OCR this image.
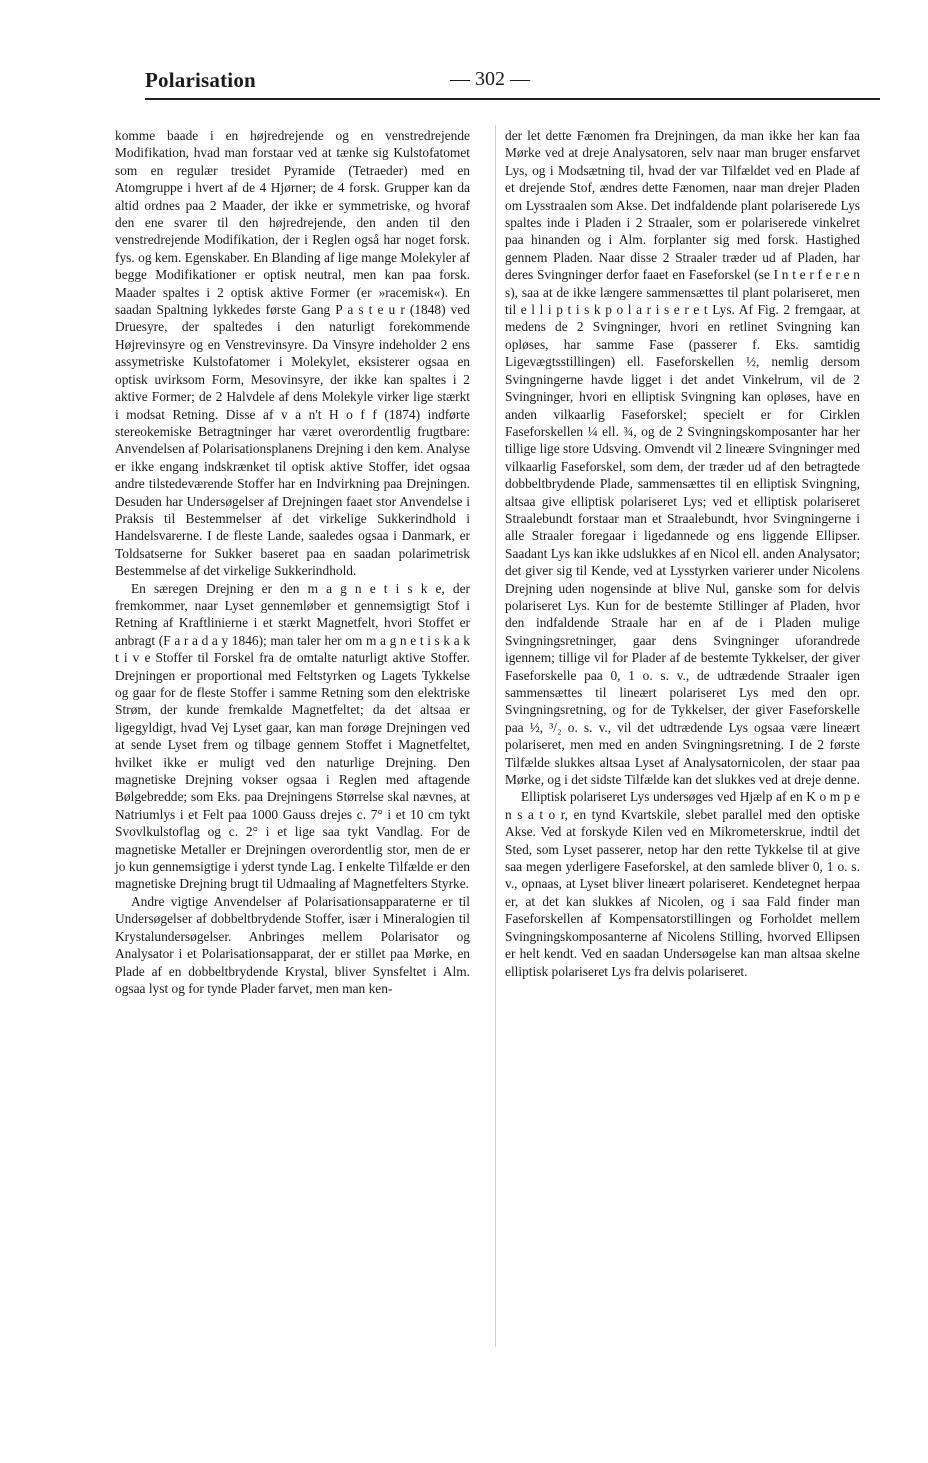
Polarisation	— 302 —

komme baade i en højredrejende og en venstredrejende Modifikation, hvad man forstaar ved at tænke sig Kulstofatomet som en regulær tresidet Pyramide (Tetraeder) med en Atomgruppe i hvert af de 4 Hjørner; de 4 forsk. Grupper kan da altid ordnes paa 2 Maader, der ikke er symmetriske, og hvoraf den ene svarer til den højredrejende, den anden til den venstredrejende Modifikation, der i Reglen også har noget forsk. fys. og kem. Egenskaber. En Blanding af lige mange Molekyler af begge Modifikationer er optisk neutral, men kan paa forsk. Maader spaltes i 2 optisk aktive Former (er »racemisk«). En saadan Spaltning lykkedes første Gang P a s t e u r (1848) ved Druesyre, der spaltedes i den naturligt forekommende Højrevinsyre og en Venstrevinsyre. Da Vinsyre indeholder 2 ens assymetriske Kulstofatomer i Molekylet, eksisterer ogsaa en optisk uvirksom Form, Mesovinsyre, der ikke kan spaltes i 2 aktive Former; de 2 Halvdele af dens Molekyle virker lige stærkt i modsat Retning. Disse af v a n't H o f f (1874) indførte stereokemiske Betragtninger har været overordentlig frugtbare: Anvendelsen af Polarisationsplanens Drejning i den kem. Analyse er ikke engang indskrænket til optisk aktive Stoffer, idet ogsaa andre tilstedeværende Stoffer har en Indvirkning paa Drejningen. Desuden har Undersøgelser af Drejningen faaet stor Anvendelse i Praksis til Bestemmelser af det virkelige Sukkerindhold i Handelsvarerne. I de fleste Lande, saaledes ogsaa i Danmark, er Toldsatserne for Sukker baseret paa en saadan polarimetrisk Bestemmelse af det virkelige Sukkerindhold.

En særegen Drejning er den m a g n e t i s k e, der fremkommer, naar Lyset gennemløber et gennemsigtigt Stof i Retning af Kraftlinierne i et stærkt Magnetfelt, hvori Stoffet er anbragt (F a r a d a y 1846); man taler her om m a g n e t i s k a k t i v e Stoffer til Forskel fra de omtalte naturligt aktive Stoffer. Drejningen er proportional med Feltstyrken og Lagets Tykkelse og gaar for de fleste Stoffer i samme Retning som den elektriske Strøm, der kunde fremkalde Magnetfeltet; da det altsaa er ligegyldigt, hvad Vej Lyset gaar, kan man forøge Drejningen ved at sende Lyset frem og tilbage gennem Stoffet i Magnetfeltet, hvilket ikke er muligt ved den naturlige Drejning. Den magnetiske Drejning vokser ogsaa i Reglen med aftagende Bølgebredde; som Eks. paa Drejningens Størrelse skal nævnes, at Natriumlys i et Felt paa 1000 Gauss drejes c. 7° i et 10 cm tykt Svovlkulstoflag og c. 2° i et lige saa tykt Vandlag. For de magnetiske Metaller er Drejningen overordentlig stor, men de er jo kun gennemsigtige i yderst tynde Lag. I enkelte Tilfælde er den magnetiske Drejning brugt til Udmaaling af Magnetfelters Styrke.

Andre vigtige Anvendelser af Polarisationsapparaterne er til Undersøgelser af dobbeltbrydende Stoffer, især i Mineralogien til Krystalundersøgelser. Anbringes mellem Polarisator og Analysator i et Polarisationsapparat, der er stillet paa Mørke, en Plade af en dobbeltbrydende Krystal, bliver Synsfeltet i Alm. ogsaa lyst og for tynde Plader farvet, men man ken-

der let dette Fænomen fra Drejningen, da man ikke her kan faa Mørke ved at dreje Analysatoren, selv naar man bruger ensfarvet Lys, og i Modsætning til, hvad der var Tilfældet ved en Plade af et drejende Stof, ændres dette Fænomen, naar man drejer Pladen om Lysstraalen som Akse. Det indfaldende plant polariserede Lys spaltes inde i Pladen i 2 Straaler, som er polariserede vinkelret paa hinanden og i Alm. forplanter sig med forsk. Hastighed gennem Pladen. Naar disse 2 Straaler træder ud af Pladen, har deres Svingninger derfor faaet en Faseforskel (se I n t e r f e r e n s), saa at de ikke længere sammensættes til plant polariseret, men til e l l i p t i s k p o l a r i s e r e t Lys. Af Fig. 2 fremgaar, at medens de 2 Svingninger, hvori en retlinet Svingning kan opløses, har samme Fase (passerer f. Eks. samtidig Ligevægtsstillingen) ell. Faseforskellen ½, nemlig dersom Svingningerne havde ligget i det andet Vinkelrum, vil de 2 Svingninger, hvori en elliptisk Svingning kan opløses, have en anden vilkaarlig Faseforskel; specielt er for Cirklen Faseforskellen ¼ ell. ¾, og de 2 Svingningskomposanter har her tillige lige store Udsving. Omvendt vil 2 lineære Svingninger med vilkaarlig Faseforskel, som dem, der træder ud af den betragtede dobbeltbrydende Plade, sammensættes til en elliptisk Svingning, altsaa give elliptisk polariseret Lys; ved et elliptisk polariseret Straalebundt forstaar man et Straalebundt, hvor Svingningerne i alle Straaler foregaar i ligedannede og ens liggende Ellipser. Saadant Lys kan ikke udslukkes af en Nicol ell. anden Analysator; det giver sig til Kende, ved at Lysstyrken varierer under Nicolens Drejning uden nogensinde at blive Nul, ganske som for delvis polariseret Lys. Kun for de bestemte Stillinger af Pladen, hvor den indfaldende Straale har en af de i Pladen mulige Svingningsretninger, gaar dens Svingninger uforandrede igennem; tillige vil for Plader af de bestemte Tykkelser, der giver Faseforskelle paa 0, 1 o. s. v., de udtrædende Straaler igen sammensættes til lineært polariseret Lys med den opr. Svingningsretning, og for de Tykkelser, der giver Faseforskelle paa ½, ³/₂ o. s. v., vil det udtrædende Lys ogsaa være lineært polariseret, men med en anden Svingningsretning. I de 2 første Tilfælde slukkes altsaa Lyset af Analysatornicolen, der staar paa Mørke, og i det sidste Tilfælde kan det slukkes ved at dreje denne.

Elliptisk polariseret Lys undersøges ved Hjælp af en K o m p e n s a t o r, en tynd Kvartskile, slebet parallel med den optiske Akse. Ved at forskyde Kilen ved en Mikrometerskrue, indtil det Sted, som Lyset passerer, netop har den rette Tykkelse til at give saa megen yderligere Faseforskel, at den samlede bliver 0, 1 o. s. v., opnaas, at Lyset bliver lineært polariseret. Kendetegnet herpaa er, at det kan slukkes af Nicolen, og i saa Fald finder man Faseforskellen af Kompensatorstillingen og Forholdet mellem Svingningskomposanterne af Nicolens Stilling, hvorved Ellipsen er helt kendt. Ved en saadan Undersøgelse kan man altsaa skelne elliptisk polariseret Lys fra delvis polariseret.
